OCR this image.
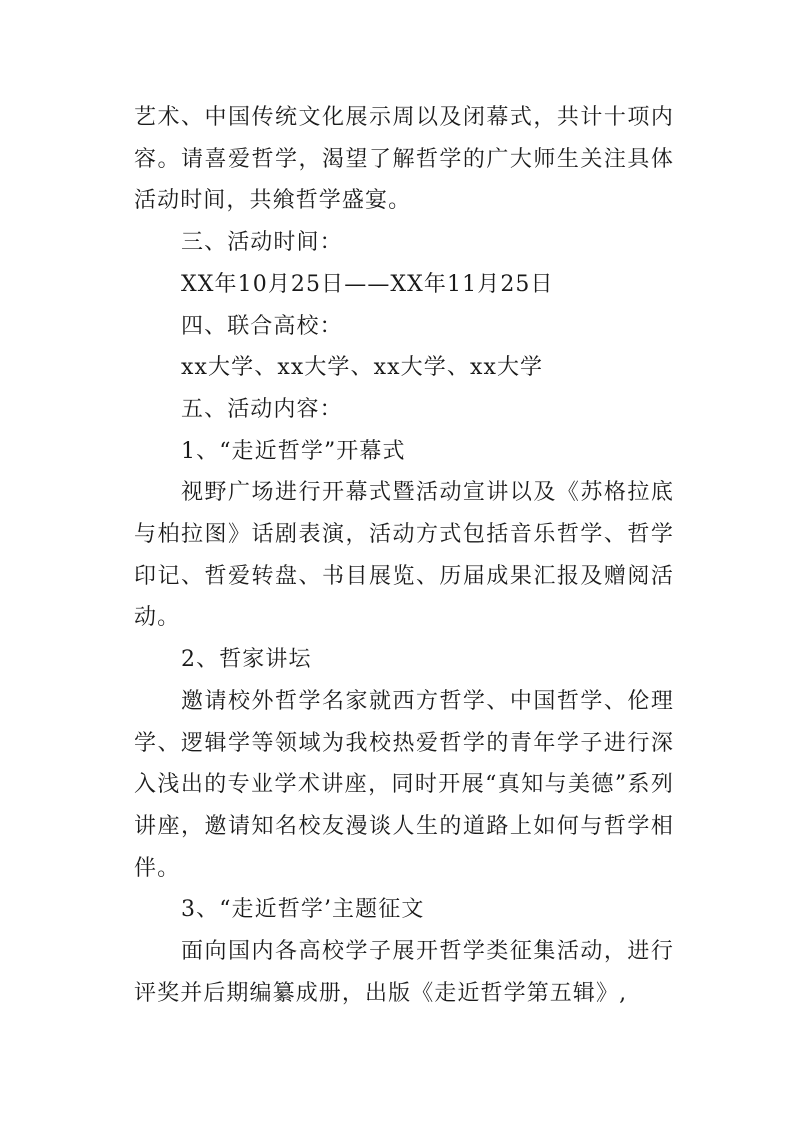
艺术、中国传统文化展示周以及闭幕式，共计十项内容。请喜爱哲学，渴望了解哲学的广大师生关注具体活动时间，共飨哲学盛宴。

三、活动时间：

XX年10月25日——XX年11月25日

四、联合高校：

xx大学、xx大学、xx大学、xx大学

五、活动内容：

1、“走近哲学”开幕式

视野广场进行开幕式暨活动宣讲以及《苏格拉底与柏拉图》话剧表演，活动方式包括音乐哲学、哲学印记、哲爱转盘、书目展览、历届成果汇报及赠阅活动。

2、哲家讲坛

邀请校外哲学名家就西方哲学、中国哲学、伦理学、逻辑学等领域为我校热爱哲学的青年学子进行深入浅出的专业学术讲座，同时开展“真知与美德”系列讲座，邀请知名校友漫谈人生的道路上如何与哲学相伴。

3、“走近哲学’主题征文

面向国内各高校学子展开哲学类征集活动，进行评奖并后期编纂成册，出版《走近哲学第五辑》,
